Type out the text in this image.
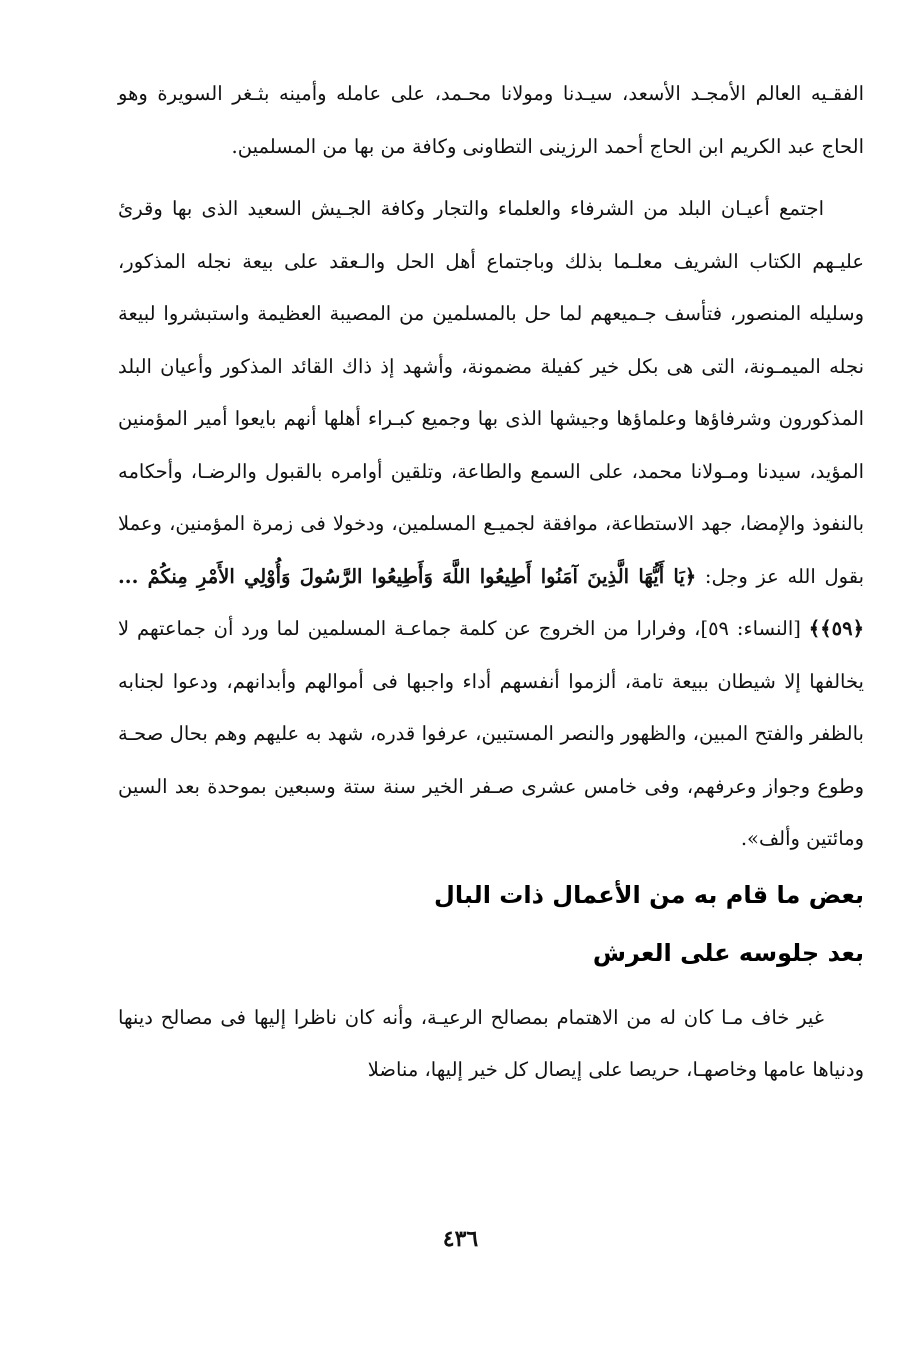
الفقـيه العالم الأمجـد الأسعد، سيـدنا ومولانا محـمد، على عامله وأمينه بثـغر السويرة وهو الحاج عبد الكريم ابن الحاج أحمد الرزينى التطاونى وكافة من بها من المسلمين.

اجتمع أعيـان البلد من الشرفاء والعلماء والتجار وكافة الجـيش السعيد الذى بها وقرئ عليـهم الكتاب الشريف معلـما بذلك وباجتماع أهل الحل والـعقد على بيعة نجله المذكور، وسليله المنصور، فتأسف جـميعهم لما حل بالمسلمين من المصيبة العظيمة واستبشروا لبيعة نجله الميمـونة، التى هى بكل خير كفيلة مضمونة، وأشهد إذ ذاك القائد المذكور وأعيان البلد المذكورون وشرفاؤها وعلماؤها وجيشها الذى بها وجميع كبـراء أهلها أنهم بايعوا أمير المؤمنين المؤيد، سيدنا ومـولانا محمد، على السمع والطاعة، وتلقين أوامره بالقبول والرضـا، وأحكامه بالنفوذ والإمضا، جهد الاستطاعة، موافقة لجميـع المسلمين، ودخولا فى زمرة المؤمنين، وعملا بقول الله عز وجل: ﴿يَا أَيُّهَا الَّذِينَ آمَنُوا أَطِيعُوا اللَّهَ وَأَطِيعُوا الرَّسُولَ وَأُوْلِي الأَمْرِ مِنكُمْ ... ﴿٥٩﴾﴾ [النساء: ٥٩]، وفرارا من الخروج عن كلمة جماعـة المسلمين لما ورد أن جماعتهم لا يخالفها إلا شيطان ببيعة تامة، ألزموا أنفسهم أداء واجبها فى أموالهم وأبدانهم، ودعوا لجنابه بالظفر والفتح المبين، والظهور والنصر المستبين، عرفوا قدره، شهد به عليهم وهم بحال صحـة وطوع وجواز وعرفهم، وفى خامس عشرى صـفر الخير سنة ستة وسبعين بموحدة بعد السين ومائتين وألف».

بعض ما قام به من الأعمال ذات البال
بعد جلوسه على العرش

غير خاف مـا كان له من الاهتمام بمصالح الرعيـة، وأنه كان ناظرا إليها فى مصالح دينها ودنياها عامها وخاصهـا، حريصا على إيصال كل خير إليها، مناضلا

٤٣٦
